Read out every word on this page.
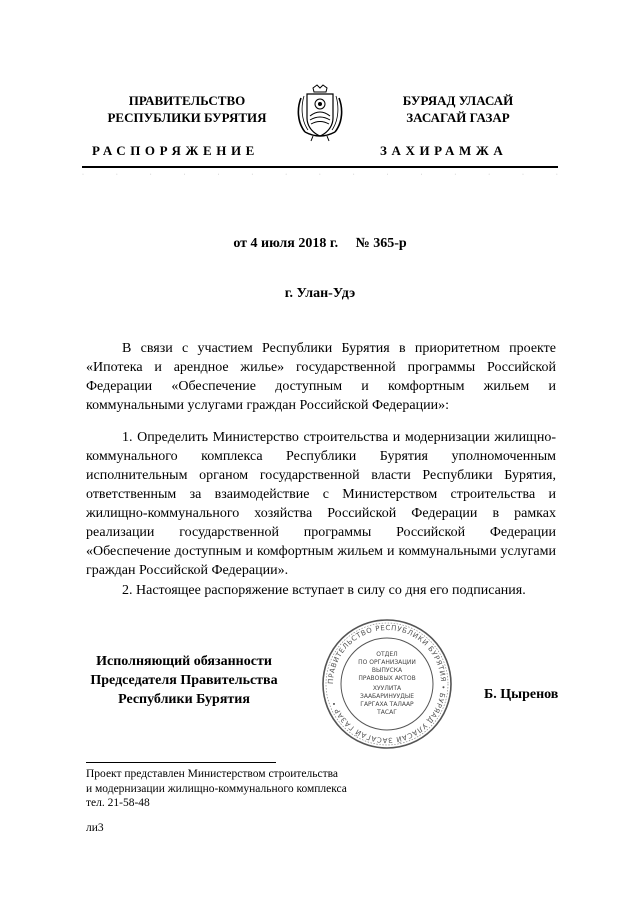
ПРАВИТЕЛЬСТВО
РЕСПУБЛИКИ БУРЯТИЯ
БУРЯАД УЛАСАЙ
ЗАСАГАЙ ГАЗАР
РАСПОРЯЖЕНИЕ	ЗАХИРАМЖА
·	·	·	·	·	·	·	·	·	·	·	·	·	·	·
от 4 июля 2018 г. № 365-р
г. Улан-Удэ

В связи с участием Республики Бурятия в приоритетном проекте «Ипотека и арендное жилье» государственной программы Российской Федерации «Обеспечение доступным и комфортным жильем и коммунальными услугами граждан Российской Федерации»:

1. Определить Министерство строительства и модернизации жилищно-коммунального комплекса Республики Бурятия уполномоченным исполнительным органом государственной власти Республики Бурятия, ответственным за взаимодействие с Министерством строительства и жилищно-коммунального хозяйства Российской Федерации в рамках реализации государственной программы Российской Федерации «Обеспечение доступным и комфортным жильем и коммунальными услугами граждан Российской Федерации».

2. Настоящее распоряжение вступает в силу со дня его подписания.

Исполняющий обязанности
Председателя Правительства
Республики Бурятия
ПРАВИТЕЛЬСТВО РЕСПУБЛИКИ БУРЯТИЯ • БУРЯАД УЛАСАЙ ЗАСАГАЙ ГАЗАР •
ОТДЕЛ
ПО ОРГАНИЗАЦИИ
ВЫПУСКА
ПРАВОВЫХ АКТОВ
ХУУЛИТА
ЗААБАРИНУУДЫЕ
ГАРГАХА ТАЛААР
ТАСАГ
Б. Цыренов
Проект представлен Министерством строительства
и модернизации жилищно-коммунального комплекса
тел. 21-58-48
ли3
